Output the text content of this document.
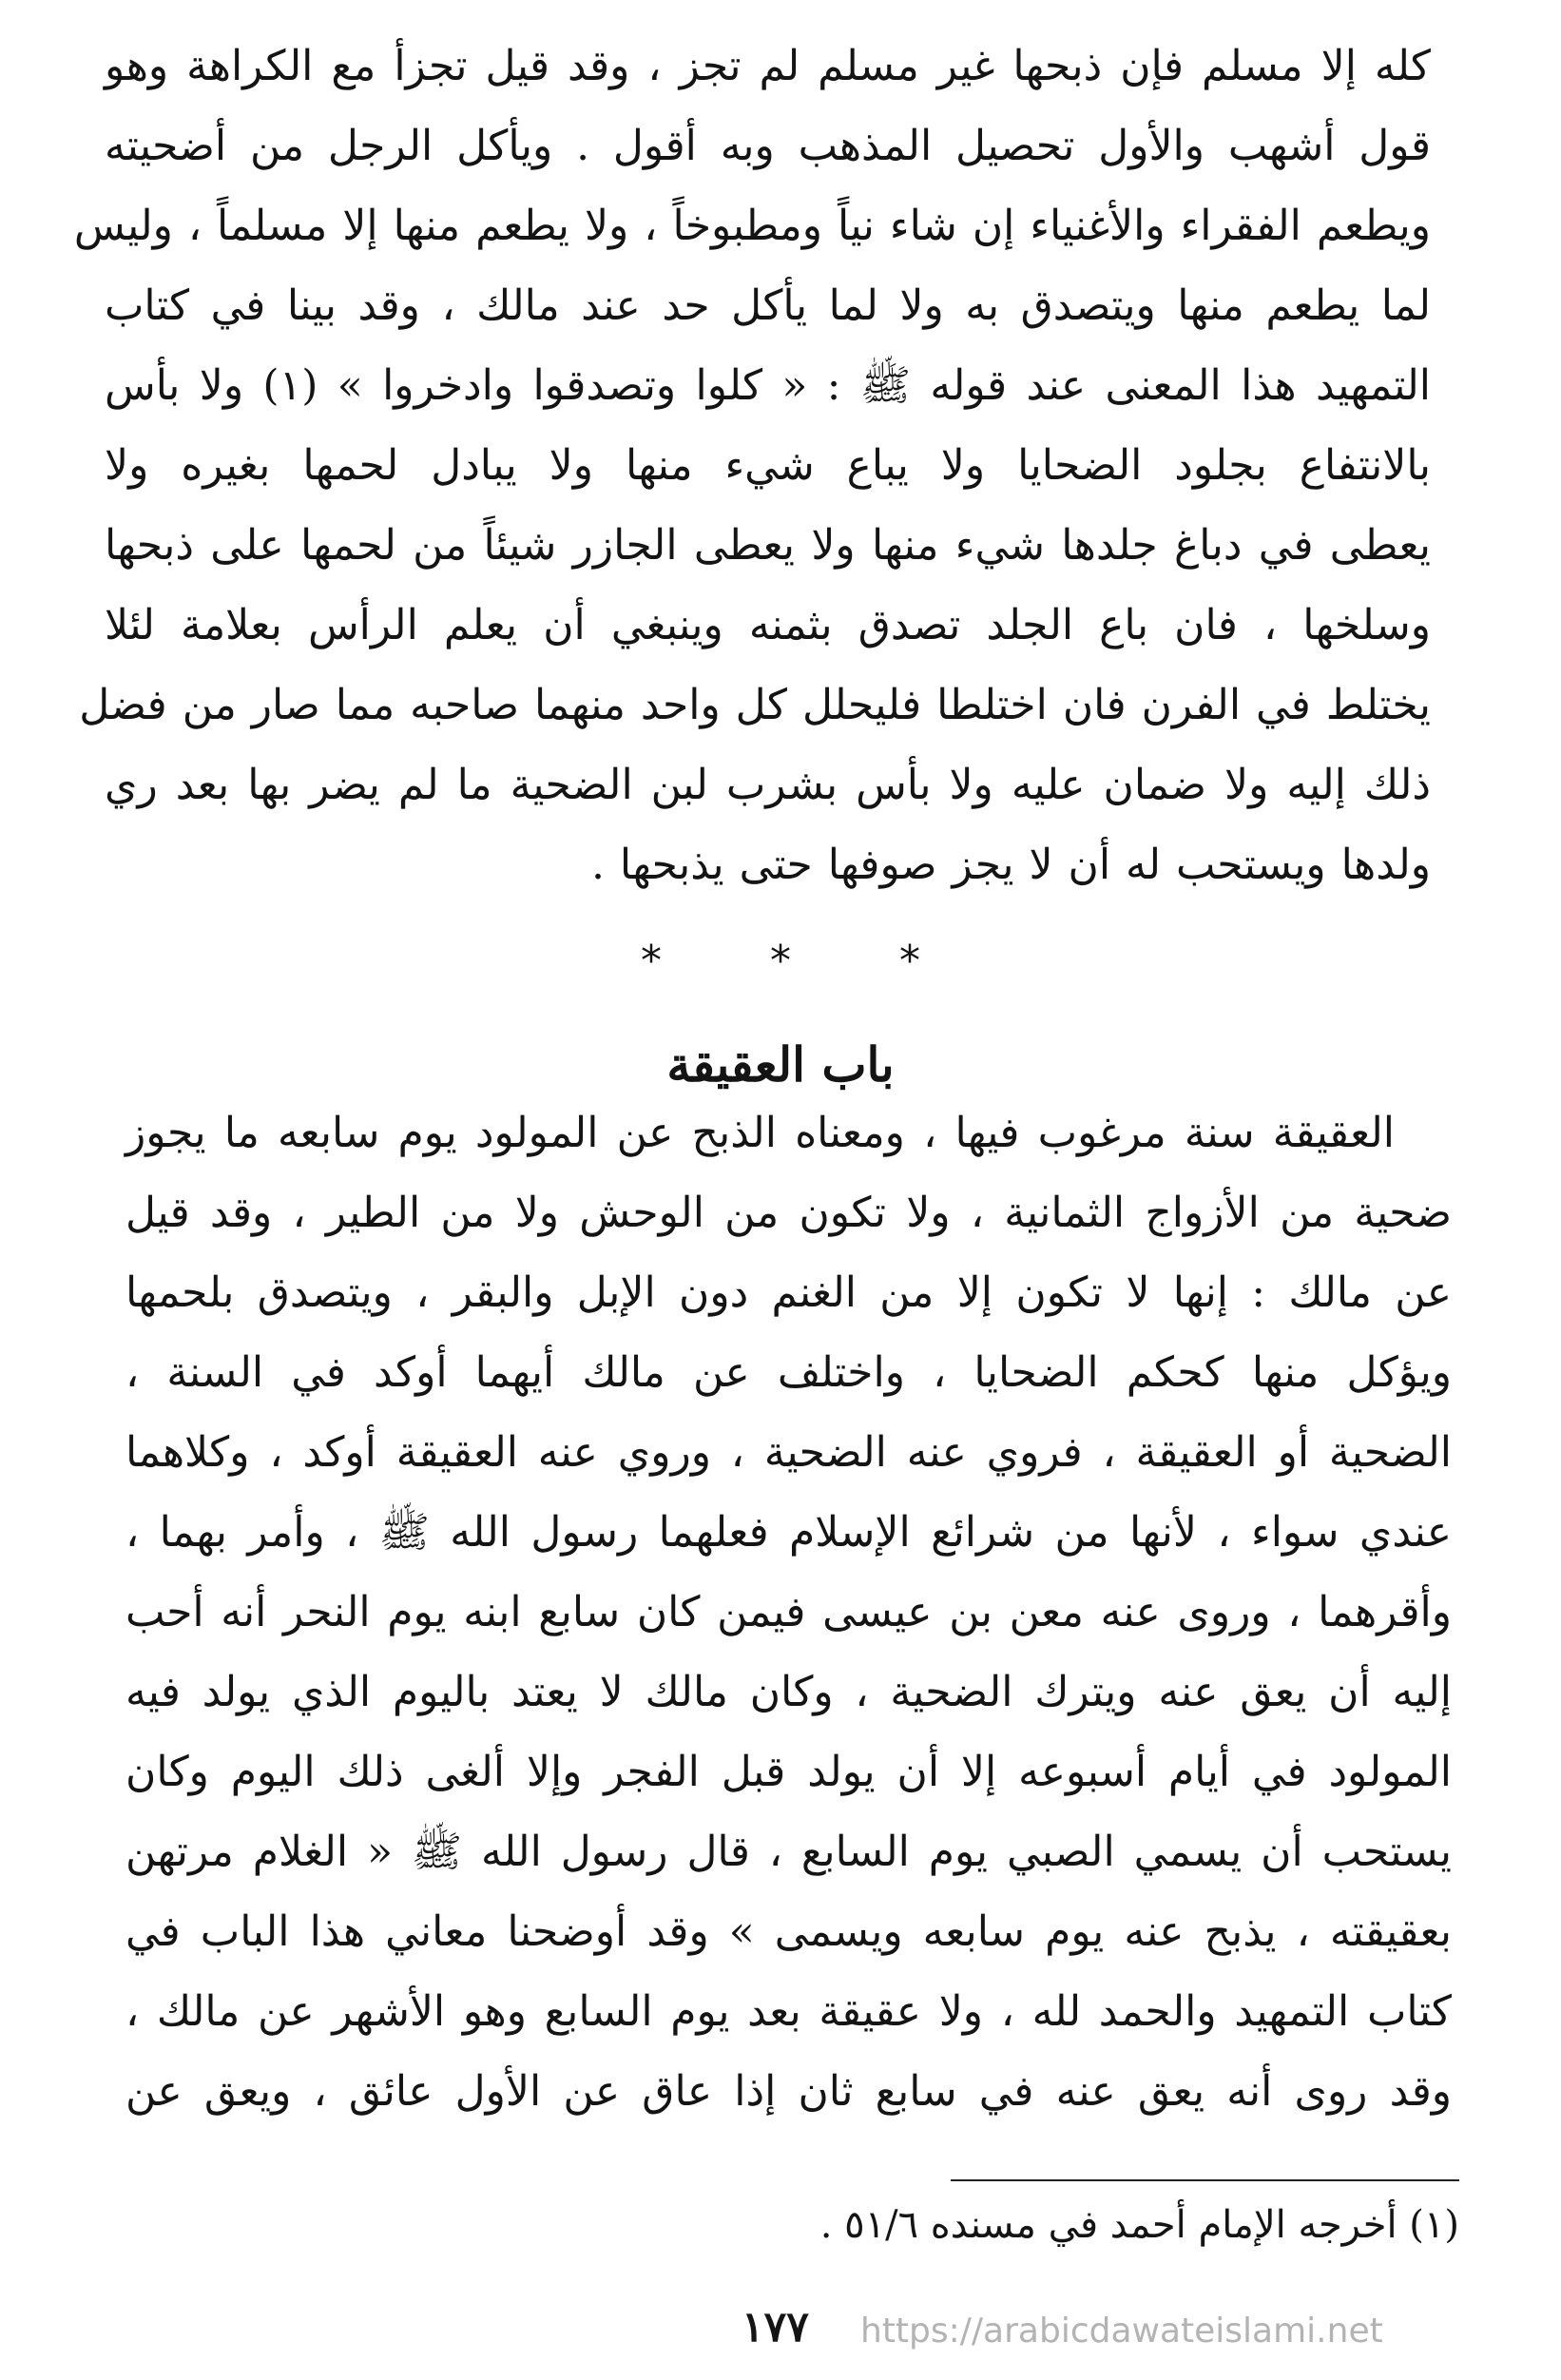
كله إلا مسلم فإن ذبحها غير مسلم لم تجز ، وقد قيل تجزأ مع الكراهة وهو
قول أشهب والأول تحصيل المذهب وبه أقول . ويأكل الرجل من أضحيته
ويطعم الفقراء والأغنياء إن شاء نياً ومطبوخاً ، ولا يطعم منها إلا مسلماً ، وليس
لما يطعم منها ويتصدق به ولا لما يأكل حد عند مالك ، وقد بينا في كتاب
التمهيد هذا المعنى عند قوله ﷺ : « كلوا وتصدقوا وادخروا » (١) ولا بأس
بالانتفاع بجلود الضحايا ولا يباع شيء منها ولا يبادل لحمها بغيره ولا
يعطى في دباغ جلدها شيء منها ولا يعطى الجازر شيئاً من لحمها على ذبحها
وسلخها ، فان باع الجلد تصدق بثمنه وينبغي أن يعلم الرأس بعلامة لئلا
يختلط في الفرن فان اختلطا فليحلل كل واحد منهما صاحبه مما صار من فضل
ذلك إليه ولا ضمان عليه ولا بأس بشرب لبن الضحية ما لم يضر بها بعد ري
ولدها ويستحب له أن لا يجز صوفها حتى يذبحها .
* * *
باب العقيقة
العقيقة سنة مرغوب فيها ، ومعناه الذبح عن المولود يوم سابعه ما يجوز
ضحية من الأزواج الثمانية ، ولا تكون من الوحش ولا من الطير ، وقد قيل
عن مالك : إنها لا تكون إلا من الغنم دون الإبل والبقر ، ويتصدق بلحمها
ويؤكل منها كحكم الضحايا ، واختلف عن مالك أيهما أوكد في السنة ،
الضحية أو العقيقة ، فروي عنه الضحية ، وروي عنه العقيقة أوكد ، وكلاهما
عندي سواء ، لأنها من شرائع الإسلام فعلهما رسول الله ﷺ ، وأمر بهما ،
وأقرهما ، وروى عنه معن بن عيسى فيمن كان سابع ابنه يوم النحر أنه أحب
إليه أن يعق عنه ويترك الضحية ، وكان مالك لا يعتد باليوم الذي يولد فيه
المولود في أيام أسبوعه إلا أن يولد قبل الفجر وإلا ألغى ذلك اليوم وكان
يستحب أن يسمي الصبي يوم السابع ، قال رسول الله ﷺ « الغلام مرتهن
بعقيقته ، يذبح عنه يوم سابعه ويسمى » وقد أوضحنا معاني هذا الباب في
كتاب التمهيد والحمد لله ، ولا عقيقة بعد يوم السابع وهو الأشهر عن مالك ،
وقد روى أنه يعق عنه في سابع ثان إذا عاق عن الأول عائق ، ويعق عن
(١) أخرجه الإمام أحمد في مسنده ٥١/٦ .
١٧٧ https://arabicdawateislami.net
